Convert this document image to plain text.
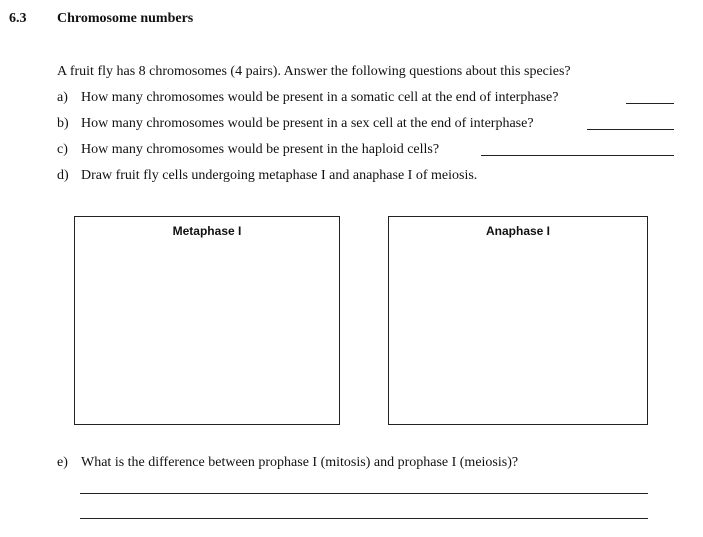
6.3 Chromosome numbers
A fruit fly has 8 chromosomes (4 pairs). Answer the following questions about this species?
a) How many chromosomes would be present in a somatic cell at the end of interphase?
b) How many chromosomes would be present in a sex cell at the end of interphase?
c) How many chromosomes would be present in the haploid cells?
d) Draw fruit fly cells undergoing metaphase I and anaphase I of meiosis.
Metaphase I	Anaphase I
e) What is the difference between prophase I (mitosis) and prophase I (meiosis)?
